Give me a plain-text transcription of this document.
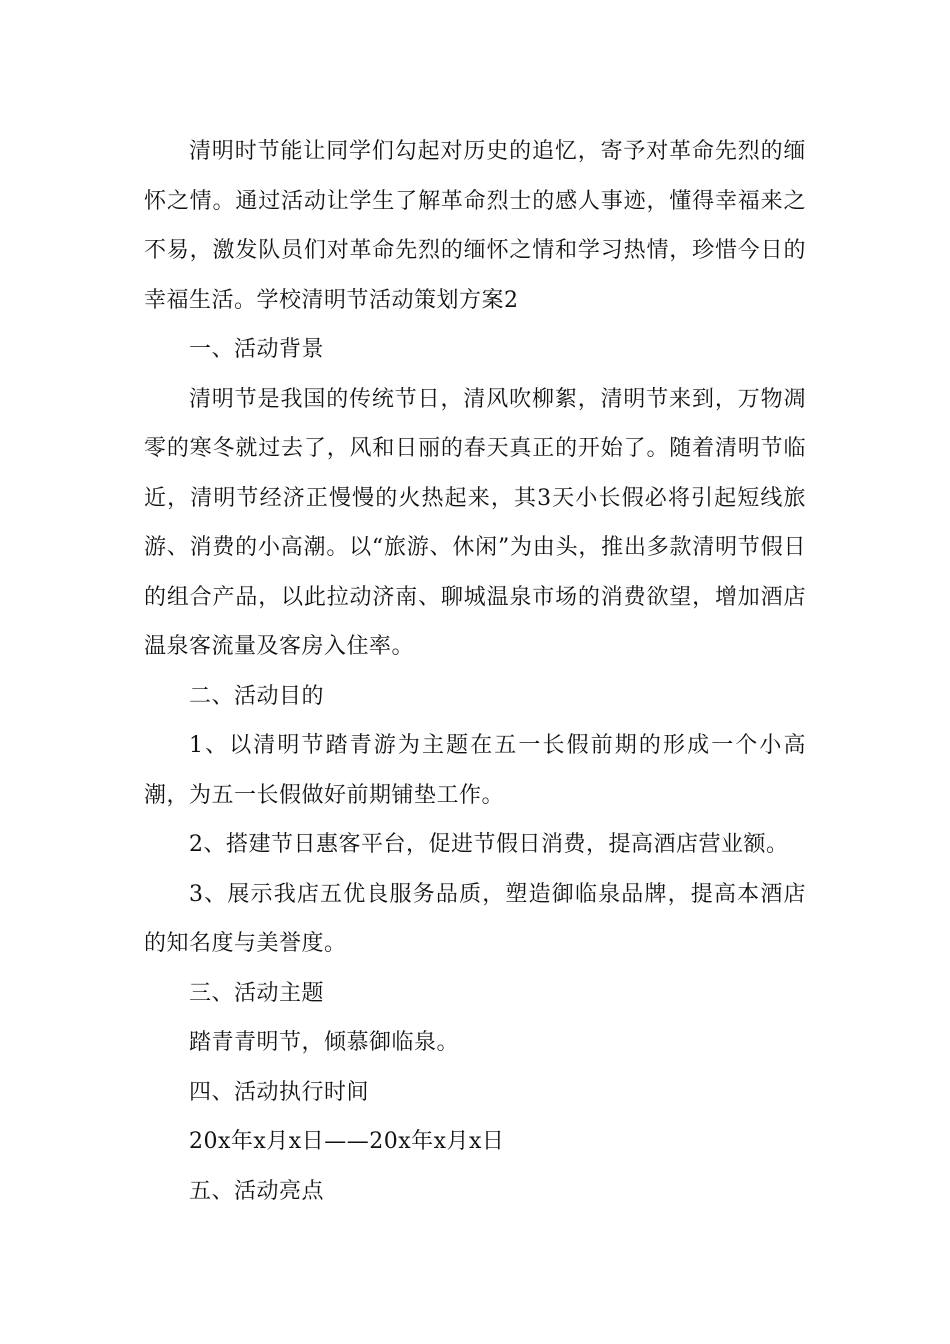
清明时节能让同学们勾起对历史的追忆，寄予对革命先烈的缅怀之情。通过活动让学生了解革命烈士的感人事迹，懂得幸福来之不易，激发队员们对革命先烈的缅怀之情和学习热情，珍惜今日的幸福生活。学校清明节活动策划方案2

一、活动背景

清明节是我国的传统节日，清风吹柳絮，清明节来到，万物凋零的寒冬就过去了，风和日丽的春天真正的开始了。随着清明节临近，清明节经济正慢慢的火热起来，其3天小长假必将引起短线旅游、消费的小高潮。以“旅游、休闲”为由头，推出多款清明节假日的组合产品，以此拉动济南、聊城温泉市场的消费欲望，增加酒店温泉客流量及客房入住率。

二、活动目的

1、以清明节踏青游为主题在五一长假前期的形成一个小高潮，为五一长假做好前期铺垫工作。

2、搭建节日惠客平台，促进节假日消费，提高酒店营业额。

3、展示我店五优良服务品质，塑造御临泉品牌，提高本酒店的知名度与美誉度。

三、活动主题

踏青青明节，倾慕御临泉。

四、活动执行时间

20x年x月x日——20x年x月x日

五、活动亮点
